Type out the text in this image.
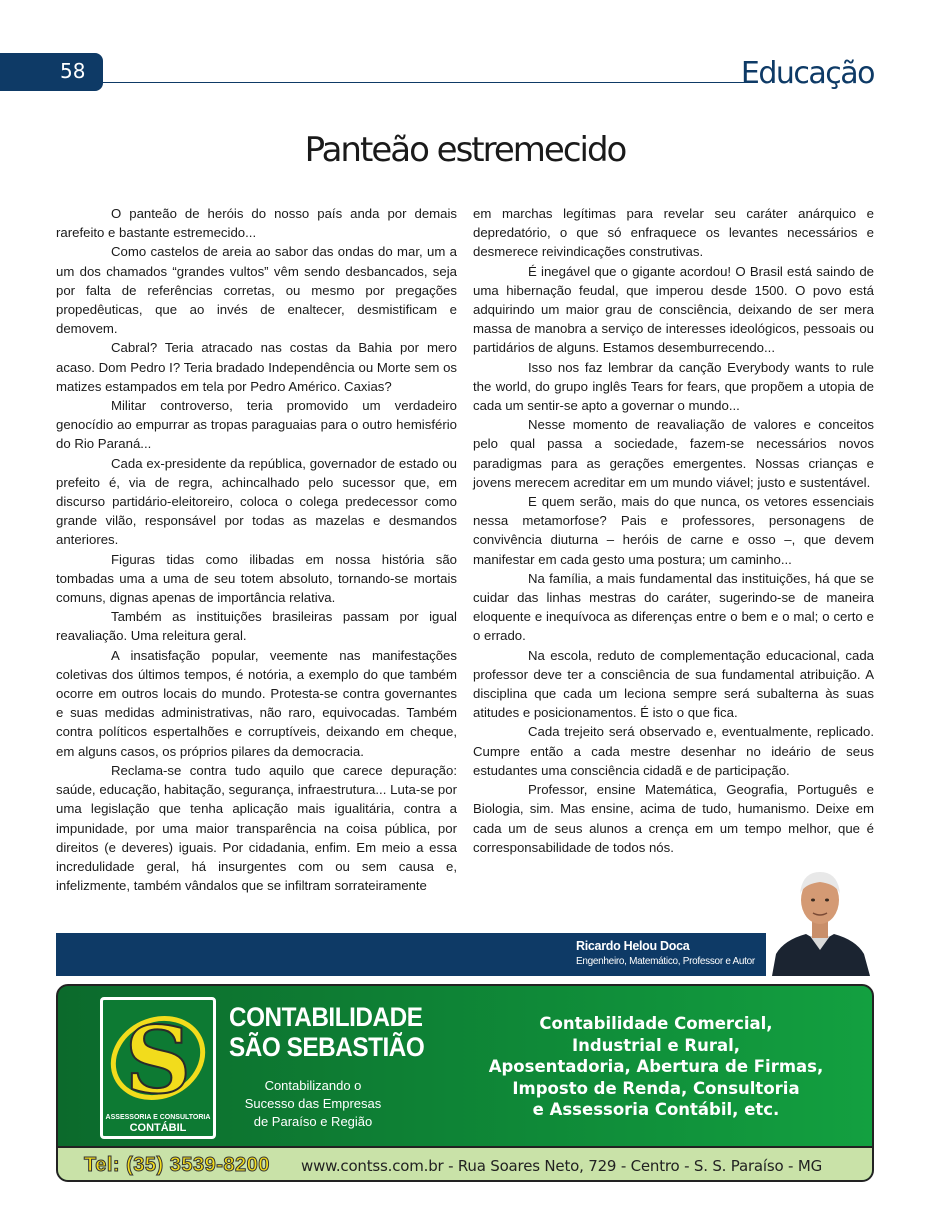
58	Educação
Panteão estremecido

O panteão de heróis do nosso país anda por demais rarefeito e bastante estremecido...

Como castelos de areia ao sabor das ondas do mar, um a um dos chamados “grandes vultos” vêm sendo desbancados, seja por falta de referências corretas, ou mesmo por pregações propedêuticas, que ao invés de enaltecer, desmistificam e demovem.

Cabral? Teria atracado nas costas da Bahia por mero acaso. Dom Pedro I? Teria bradado Independência ou Morte sem os matizes estampados em tela por Pedro Américo. Caxias?

Militar controverso, teria promovido um verdadeiro genocídio ao empurrar as tropas paraguaias para o outro hemisfério do Rio Paraná...

Cada ex-presidente da república, governador de estado ou prefeito é, via de regra, achincalhado pelo sucessor que, em discurso partidário-eleitoreiro, coloca o colega predecessor como grande vilão, responsável por todas as mazelas e desmandos anteriores.

Figuras tidas como ilibadas em nossa história são tombadas uma a uma de seu totem absoluto, tornando-se mortais comuns, dignas apenas de importância relativa.

Também as instituições brasileiras passam por igual reavaliação. Uma releitura geral.

A insatisfação popular, veemente nas manifestações coletivas dos últimos tempos, é notória, a exemplo do que também ocorre em outros locais do mundo. Protesta-se contra governantes e suas medidas administrativas, não raro, equivocadas. Também contra políticos espertalhões e corruptíveis, deixando em cheque, em alguns casos, os próprios pilares da democracia.

Reclama-se contra tudo aquilo que carece depuração: saúde, educação, habitação, segurança, infraestrutura... Luta-se por uma legislação que tenha aplicação mais igualitária, contra a impunidade, por uma maior transparência na coisa pública, por direitos (e deveres) iguais. Por cidadania, enfim. Em meio a essa incredulidade geral, há insurgentes com ou sem causa e, infelizmente, também vândalos que se infiltram sorrateiramente

em marchas legítimas para revelar seu caráter anárquico e depredatório, o que só enfraquece os levantes necessários e desmerece reivindicações construtivas.

É inegável que o gigante acordou! O Brasil está saindo de uma hibernação feudal, que imperou desde 1500. O povo está adquirindo um maior grau de consciência, deixando de ser mera massa de manobra a serviço de interesses ideológicos, pessoais ou partidários de alguns. Estamos desemburrecendo...

Isso nos faz lembrar da canção Everybody wants to rule the world, do grupo inglês Tears for fears, que propõem a utopia de cada um sentir-se apto a governar o mundo...

Nesse momento de reavaliação de valores e conceitos pelo qual passa a sociedade, fazem-se necessários novos paradigmas para as gerações emergentes. Nossas crianças e jovens merecem acreditar em um mundo viável; justo e sustentável.

E quem serão, mais do que nunca, os vetores essenciais nessa metamorfose? Pais e professores, personagens de convivência diuturna – heróis de carne e osso –, que devem manifestar em cada gesto uma postura; um caminho...

Na família, a mais fundamental das instituições, há que se cuidar das linhas mestras do caráter, sugerindo-se de maneira eloquente e inequívoca as diferenças entre o bem e o mal; o certo e o errado.

Na escola, reduto de complementação educacional, cada professor deve ter a consciência de sua fundamental atribuição. A disciplina que cada um leciona sempre será subalterna às suas atitudes e posicionamentos. É isto o que fica.

Cada trejeito será observado e, eventualmente, replicado. Cumpre então a cada mestre desenhar no ideário de seus estudantes uma consciência cidadã e de participação.

Professor, ensine Matemática, Geografia, Português e Biologia, sim. Mas ensine, acima de tudo, humanismo. Deixe em cada um de seus alunos a crença em um tempo melhor, que é corresponsabilidade de todos nós.

Ricardo Helou Doca
Engenheiro, Matemático, Professor e Autor
S
ASSESSORIA E CONSULTORIA
CONTÁBIL
CONTABILIDADE
SÃO SEBASTIÃO
Contabilizando o
Sucesso das Empresas
de Paraíso e Região
Contabilidade Comercial,
Industrial e Rural,
Aposentadoria, Abertura de Firmas,
Imposto de Renda, Consultoria
e Assessoria Contábil, etc.
Tel: (35) 3539-8200 www.contss.com.br - Rua Soares Neto, 729 - Centro - S. S. Paraíso - MG
